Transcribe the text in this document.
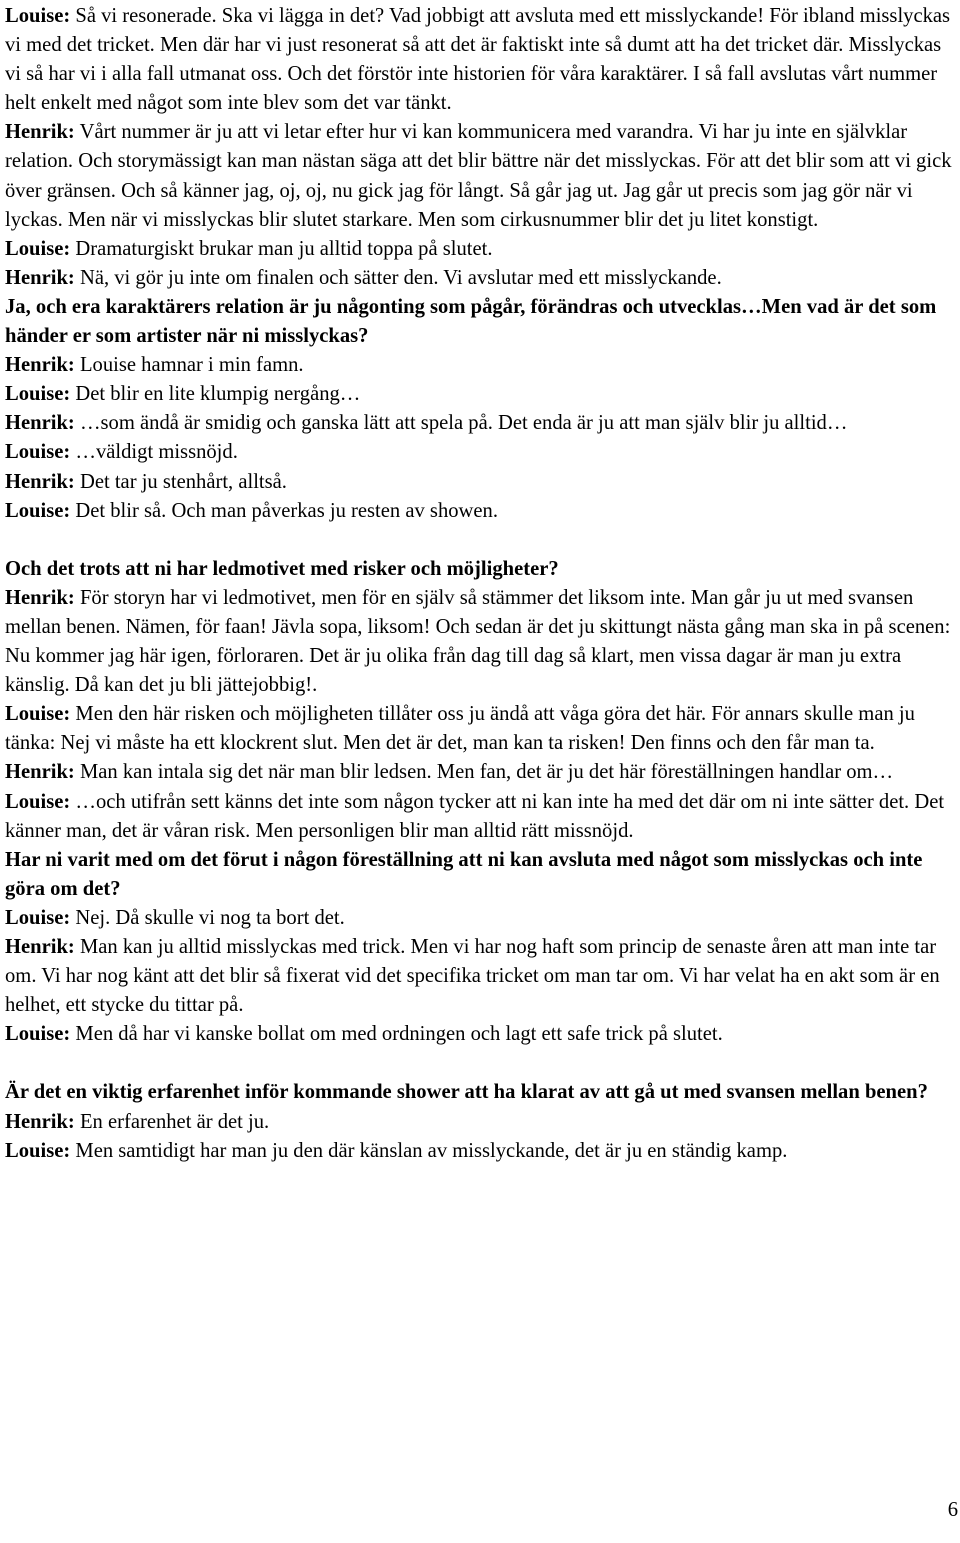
Louise: Så vi resonerade. Ska vi lägga in det? Vad jobbigt att avsluta med ett misslyckande! För ibland misslyckas vi med det tricket. Men där har vi just resonerat så att det är faktiskt inte så dumt att ha det tricket där. Misslyckas vi så har vi i alla fall utmanat oss. Och det förstör inte historien för våra karaktärer. I så fall avslutas vårt nummer helt enkelt med något som inte blev som det var tänkt.

Henrik: Vårt nummer är ju att vi letar efter hur vi kan kommunicera med varandra. Vi har ju inte en självklar relation. Och storymässigt kan man nästan säga att det blir bättre när det misslyckas. För att det blir som att vi gick över gränsen. Och så känner jag, oj, oj, nu gick jag för långt. Så går jag ut. Jag går ut precis som jag gör när vi lyckas. Men när vi misslyckas blir slutet starkare. Men som cirkusnummer blir det ju litet konstigt.

Louise: Dramaturgiskt brukar man ju alltid toppa på slutet.

Henrik: Nä, vi gör ju inte om finalen och sätter den. Vi avslutar med ett misslyckande.

Ja, och era karaktärers relation är ju någonting som pågår, förändras och utvecklas…Men vad är det som händer er som artister när ni misslyckas?

Henrik: Louise hamnar i min famn.

Louise: Det blir en lite klumpig nergång…

Henrik: …som ändå är smidig och ganska lätt att spela på. Det enda är ju att man själv blir ju alltid…

Louise: …väldigt missnöjd.

Henrik: Det tar ju stenhårt, alltså.

Louise: Det blir så. Och man påverkas ju resten av showen.

Och det trots att ni har ledmotivet med risker och möjligheter?

Henrik: För storyn har vi ledmotivet, men för en själv så stämmer det liksom inte. Man går ju ut med svansen mellan benen. Nämen, för faan! Jävla sopa, liksom! Och sedan är det ju skittungt nästa gång man ska in på scenen: Nu kommer jag här igen, förloraren. Det är ju olika från dag till dag så klart, men vissa dagar är man ju extra känslig. Då kan det ju bli jättejobbig!.

Louise: Men den här risken och möjligheten tillåter oss ju ändå att våga göra det här. För annars skulle man ju tänka: Nej vi måste ha ett klockrent slut. Men det är det, man kan ta risken! Den finns och den får man ta.

Henrik: Man kan intala sig det när man blir ledsen. Men fan, det är ju det här föreställningen handlar om…

Louise: …och utifrån sett känns det inte som någon tycker att ni kan inte ha med det där om ni inte sätter det. Det känner man, det är våran risk. Men personligen blir man alltid rätt missnöjd.

Har ni varit med om det förut i någon föreställning att ni kan avsluta med något som misslyckas och inte göra om det?

Louise: Nej. Då skulle vi nog ta bort det.

Henrik: Man kan ju alltid misslyckas med trick. Men vi har nog haft som princip de senaste åren att man inte tar om. Vi har nog känt att det blir så fixerat vid det specifika tricket om man tar om. Vi har velat ha en akt som är en helhet, ett stycke du tittar på.

Louise: Men då har vi kanske bollat om med ordningen och lagt ett safe trick på slutet.

Är det en viktig erfarenhet inför kommande shower att ha klarat av att gå ut med svansen mellan benen?

Henrik: En erfarenhet är det ju.

Louise: Men samtidigt har man ju den där känslan av misslyckande, det är ju en ständig kamp.

6
